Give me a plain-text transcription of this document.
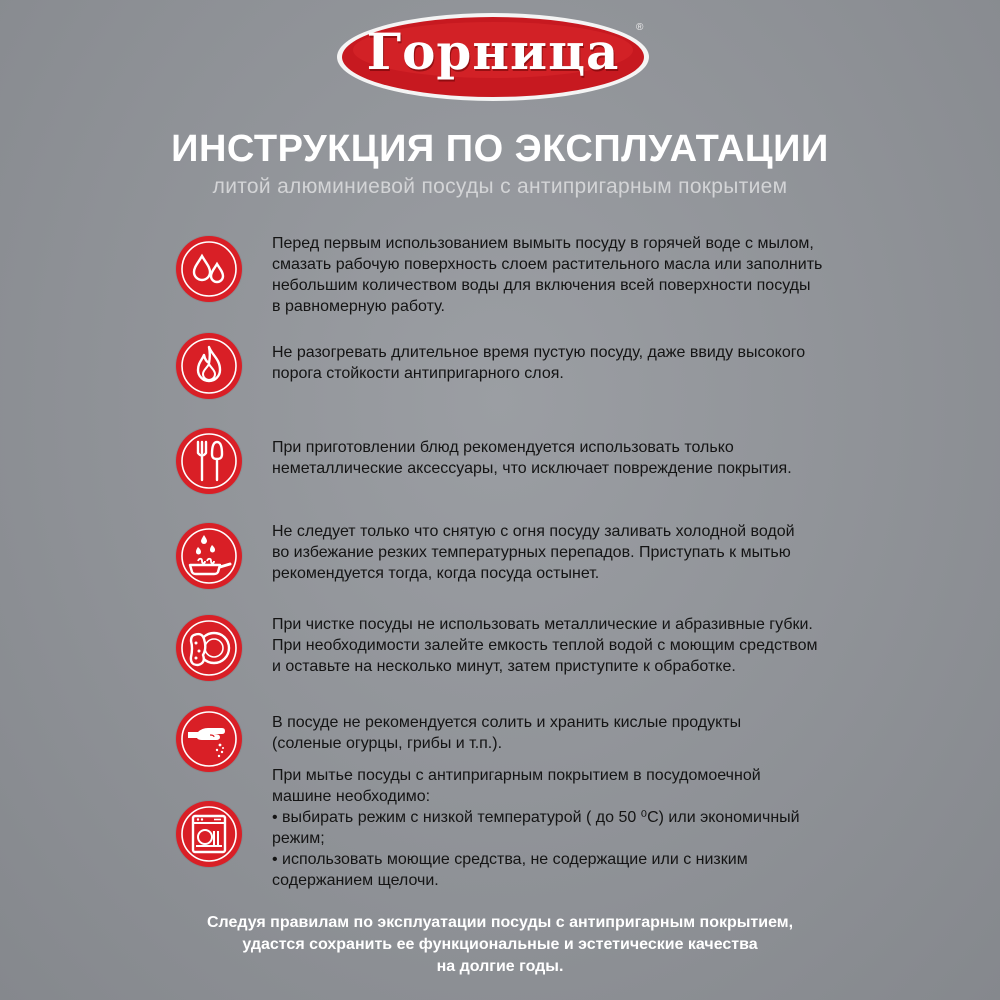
Горница	®
ИНСТРУКЦИЯ ПО ЭКСПЛУАТАЦИИ
литой алюминиевой посуды с антипригарным покрытием

Перед первым использованием вымыть посуду в горячей воде с мылом,

смазать рабочую поверхность слоем растительного масла или заполнить

небольшим количеством воды для включения всей поверхности посуды

в равномерную работу.

Не разогревать длительное время пустую посуду, даже ввиду высокого

порога стойкости антипригарного слоя.

При приготовлении блюд рекомендуется использовать только

неметаллические аксессуары, что исключает повреждение покрытия.

Не следует только что снятую с огня посуду заливать холодной водой

во избежание резких температурных перепадов. Приступать к мытью

рекомендуется тогда, когда посуда остынет.

При чистке посуды не использовать металлические и абразивные губки.

При необходимости залейте емкость теплой водой с моющим средством

и оставьте на несколько минут, затем приступите к обработке.

В посуде не рекомендуется солить и хранить кислые продукты

(соленые огурцы, грибы и т.п.).

При мытье посуды с антипригарным покрытием в посудомоечной

машине необходимо:

• выбирать режим с низкой температурой ( до 50 ⁰С) или экономичный

режим;

• использовать моющие средства, не содержащие или с низким

содержанием щелочи.

Следуя правилам по эксплуатации посуды с антипригарным покрытием,
удастся сохранить ее функциональные и эстетические качества
на долгие годы.
